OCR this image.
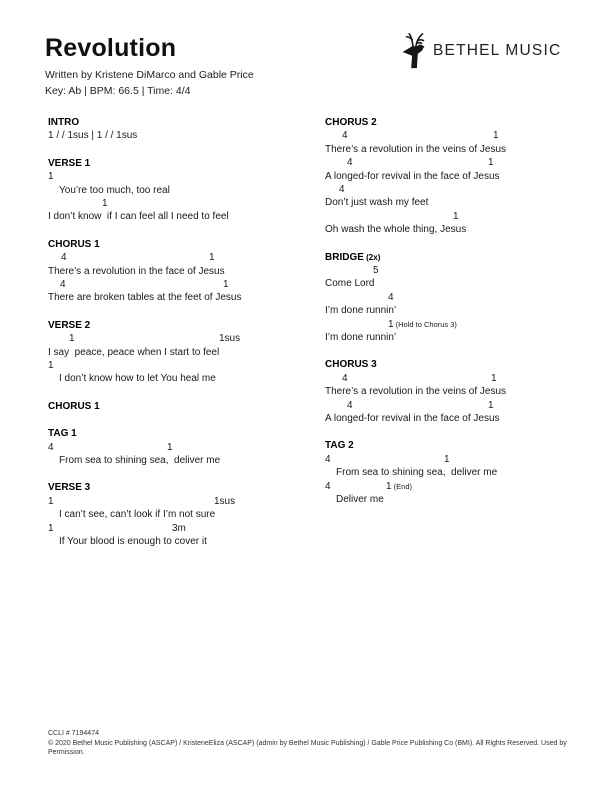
Revolution
Written by Kristene DiMarco and Gable Price
Key: Ab | BPM: 66.5 | Time: 4/4
BETHEL MUSIC
INTRO
1 / / 1sus | 1 / / 1sus
VERSE 1
1
You’re too much, too real
1
I don’t know  if I can feel all I need to feel
CHORUS 1
4	1
There’s a revolution in the face of Jesus
4	1
There are broken tables at the feet of Jesus
VERSE 2
1	1sus
I say  peace, peace when I start to feel
1
I don’t know how to let You heal me
CHORUS 1
TAG 1
4	1
From sea to shining sea,  deliver me
VERSE 3
1	1sus
I can’t see, can’t look if I’m not sure
1	3m
If Your blood is enough to cover it
CHORUS 2
4	1
There’s a revolution in the veins of Jesus
4	1
A longed-for revival in the face of Jesus
4
Don’t just wash my feet
1
Oh wash the whole thing, Jesus
BRIDGE (2x)
5
Come Lord
4
I’m done runnin’
1 (Hold to Chorus 3)
I’m done runnin’
CHORUS 3
4	1
There’s a revolution in the veins of Jesus
4	1
A longed-for revival in the face of Jesus
TAG 2
4	1
From sea to shining sea,  deliver me
4	1 (End)
Deliver me
CCLI # 7194474
© 2020 Bethel Music Publishing (ASCAP) / KristeneEliza (ASCAP) (admin by Bethel Music Publishing) / Gable Price Publishing Co (BMI). All Rights Reserved. Used by
Permission.
